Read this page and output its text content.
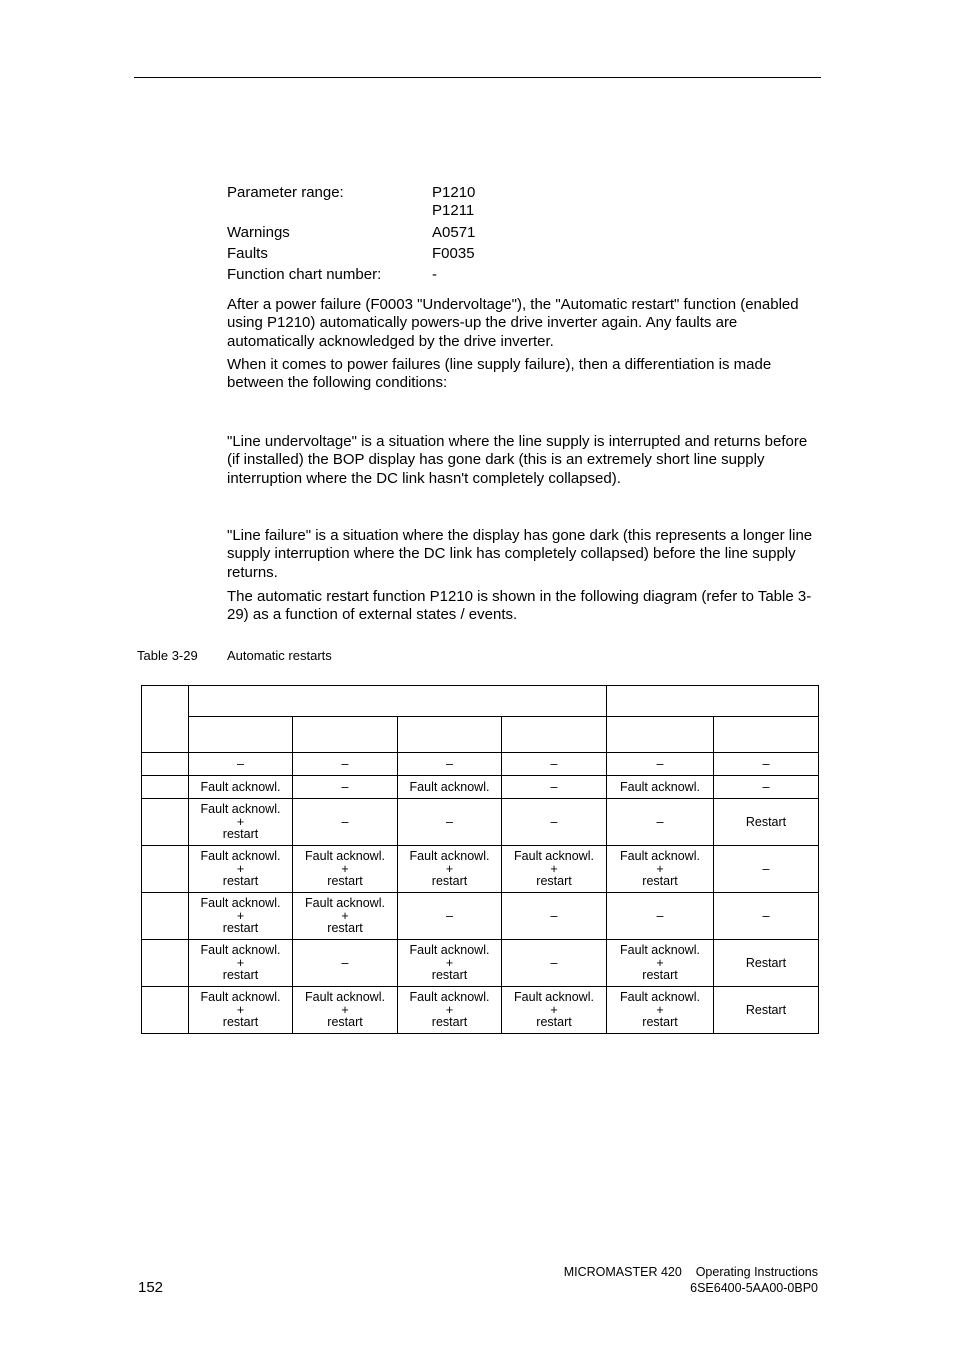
Parameter range:	P1210
P1211
Warnings	A0571
Faults	F0035
Function chart number:	-
After a power failure (F0003 "Undervoltage"), the "Automatic restart" function (enabled using P1210) automatically powers-up the drive inverter again. Any faults are automatically acknowledged by the drive inverter.
When it comes to power failures (line supply failure), then a differentiation is made between the following conditions:
"Line undervoltage" is a situation where the line supply is interrupted and returns before (if installed) the BOP display has gone dark (this is an extremely short line supply interruption where the DC link hasn't completely collapsed).
"Line failure" is a situation where the display has gone dark (this represents a longer line supply interruption where the DC link has completely collapsed) before the line supply returns.
The automatic restart function P1210 is shown in the following diagram (refer to Table 3-29) as a function of external states / events.
Table 3-29 Automatic restarts

	–	–	–	–	–	–
	Fault acknowl.	–	Fault acknowl.	–	Fault acknowl.	–
	Fault acknowl.
+
restart	–	–	–	–	Restart
	Fault acknowl.
+
restart	Fault acknowl.
+
restart	Fault acknowl.
+
restart	Fault acknowl.
+
restart	Fault acknowl.
+
restart	–
	Fault acknowl.
+
restart	Fault acknowl.
+
restart	–	–	–	–
	Fault acknowl.
+
restart	–	Fault acknowl.
+
restart	–	Fault acknowl.
+
restart	Restart
	Fault acknowl.
+
restart	Fault acknowl.
+
restart	Fault acknowl.
+
restart	Fault acknowl.
+
restart	Fault acknowl.
+
restart	Restart
152
MICROMASTER 420    Operating Instructions
6SE6400-5AA00-0BP0
